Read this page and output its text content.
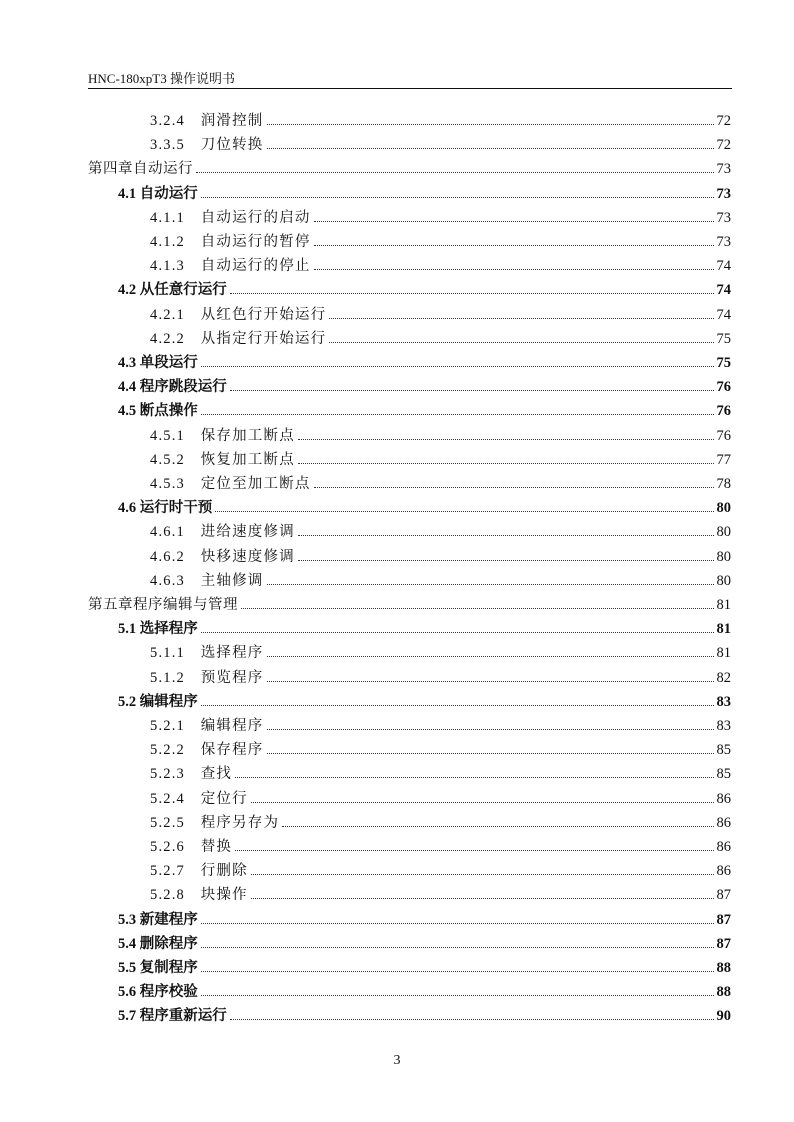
HNC-180xpT3 操作说明书
3.2.4　润滑控制	72
3.3.5　刀位转换	72
第四章自动运行	73
4.1 自动运行	73
4.1.1　自动运行的启动	73
4.1.2　自动运行的暂停	73
4.1.3　自动运行的停止	74
4.2 从任意行运行	74
4.2.1　从红色行开始运行	74
4.2.2　从指定行开始运行	75
4.3 单段运行	75
4.4 程序跳段运行	76
4.5 断点操作	76
4.5.1　保存加工断点	76
4.5.2　恢复加工断点	77
4.5.3　定位至加工断点	78
4.6 运行时干预	80
4.6.1　进给速度修调	80
4.6.2　快移速度修调	80
4.6.3　主轴修调	80
第五章程序编辑与管理	81
5.1 选择程序	81
5.1.1　选择程序	81
5.1.2　预览程序	82
5.2 编辑程序	83
5.2.1　编辑程序	83
5.2.2　保存程序	85
5.2.3　查找	85
5.2.4　定位行	86
5.2.5　程序另存为	86
5.2.6　替换	86
5.2.7　行删除	86
5.2.8　块操作	87
5.3 新建程序	87
5.4 删除程序	87
5.5 复制程序	88
5.6 程序校验	88
5.7 程序重新运行	90
3
